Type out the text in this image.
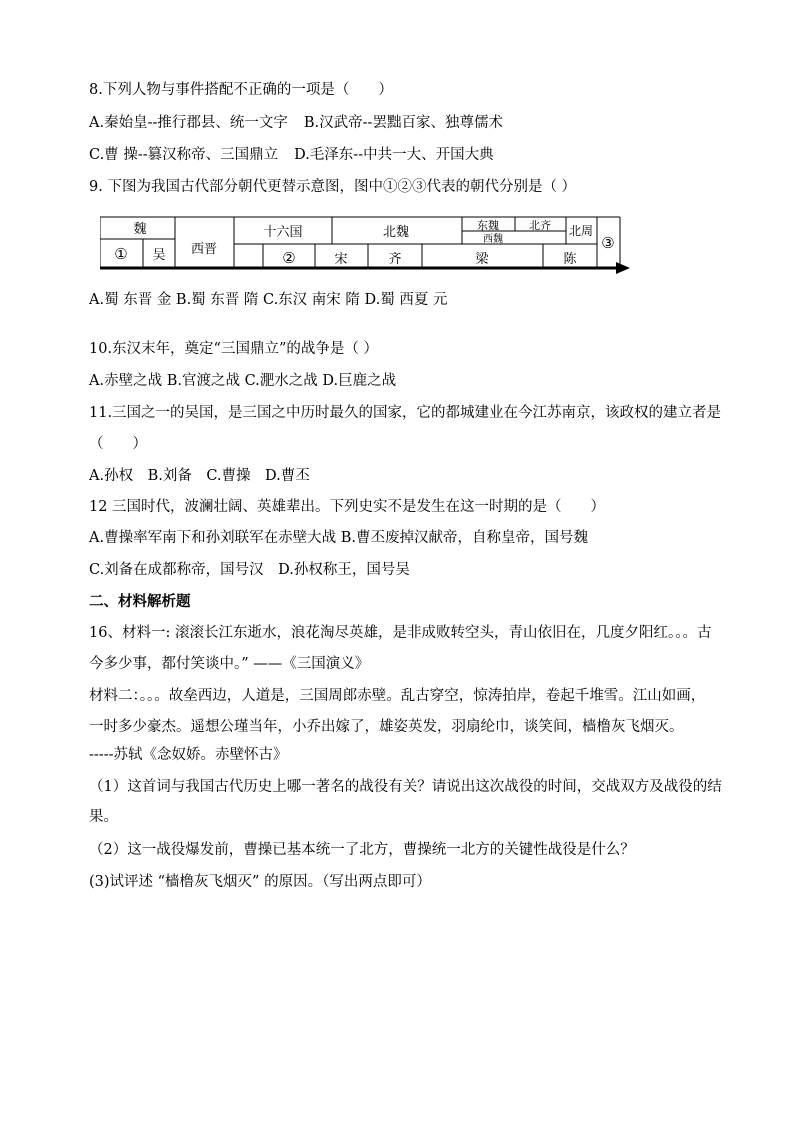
8.下列人物与事件搭配不正确的一项是（　　）
A.秦始皇--推行郡县、统一文字 B.汉武帝--罢黜百家、独尊儒术
C.曹 操--篡汉称帝、三国鼎立 D.毛泽东--中共一大、开国大典
9. 下图为我国古代部分朝代更替示意图，图中①②③代表的朝代分别是（ ）
魏
① 吴 西晋
十六国
②
北魏
宋	齐
东魏	北齐
西魏
梁
北周
陈
③
A.蜀 东晋 金 B.蜀 东晋 隋 C.东汉 南宋 隋 D.蜀 西夏 元
10.东汉末年，奠定“三国鼎立”的战争是（ ）
A.赤壁之战 B.官渡之战 C.淝水之战 D.巨鹿之战
11.三国之一的吴国，是三国之中历时最久的国家，它的都城建业在今江苏南京，该政权的建立者是
（　　）
A.孙权　B.刘备　C.曹操　D.曹丕
12 三国时代，波澜壮阔、英雄辈出。下列史实不是发生在这一时期的是（　　）
A.曹操率军南下和孙刘联军在赤壁大战 B.曹丕废掉汉献帝，自称皇帝，国号魏
C.刘备在成都称帝，国号汉　D.孙权称王，国号吴
二、材料解析题
16、材料一: 滚滚长江东逝水，浪花淘尽英雄，是非成败转空头，青山依旧在，几度夕阳红。。。古
今多少事，都付笑谈中。” ——《三国演义》
材料二：。。。故垒西边，人道是，三国周郎赤壁。乱古穿空，惊涛拍岸，卷起千堆雪。江山如画，
一时多少豪杰。遥想公瑾当年，小乔出嫁了，雄姿英发，羽扇纶巾，谈笑间，樯橹灰飞烟灭。
-----苏轼《念奴娇。赤壁怀古》
（1）这首词与我国古代历史上哪一著名的战役有关？请说出这次战役的时间，交战双方及战役的结
果。
（2）这一战役爆发前，曹操已基本统一了北方，曹操统一北方的关键性战役是什么？
(3)试评述 “樯橹灰飞烟灭” 的原因。（写出两点即可）
